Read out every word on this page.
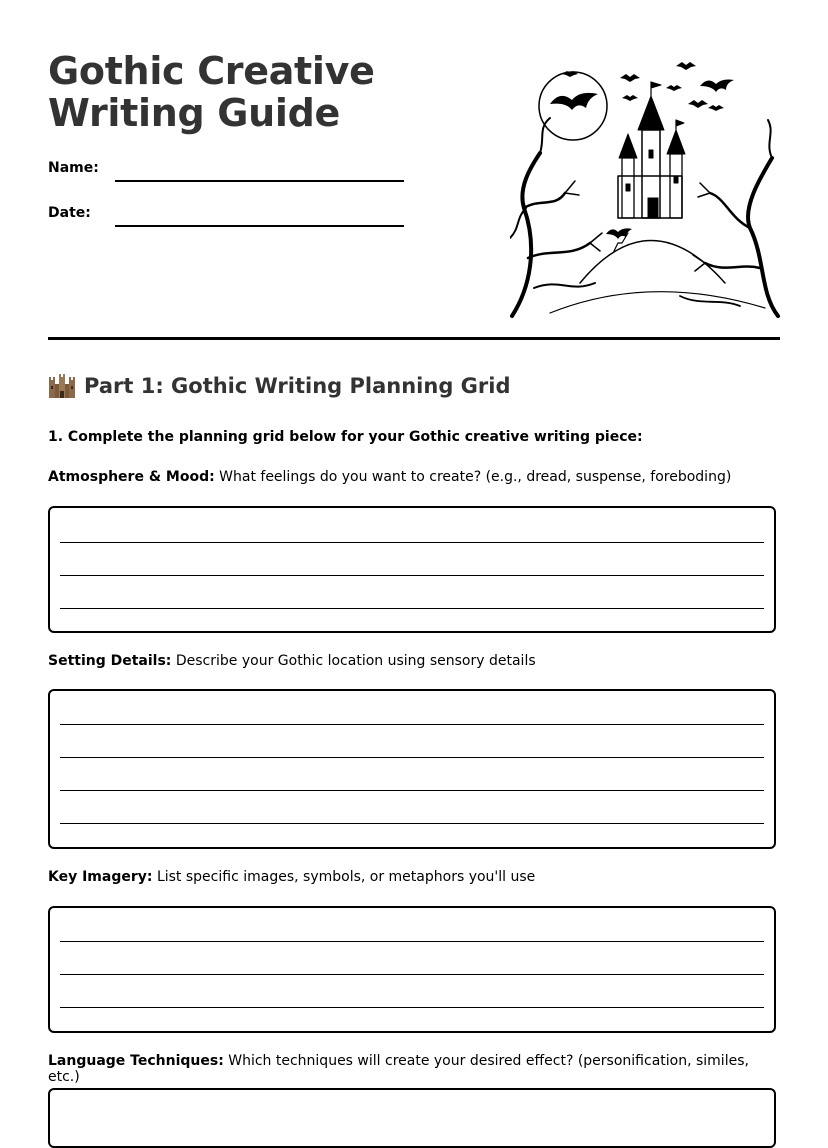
Gothic Creative Writing Guide
Name:
Date:
Part 1: Gothic Writing Planning Grid
1. Complete the planning grid below for your Gothic creative writing piece:
Atmosphere & Mood: What feelings do you want to create? (e.g., dread, suspense, foreboding)
Setting Details: Describe your Gothic location using sensory details
Key Imagery: List specific images, symbols, or metaphors you'll use
Language Techniques: Which techniques will create your desired effect? (personification, similes, etc.)
